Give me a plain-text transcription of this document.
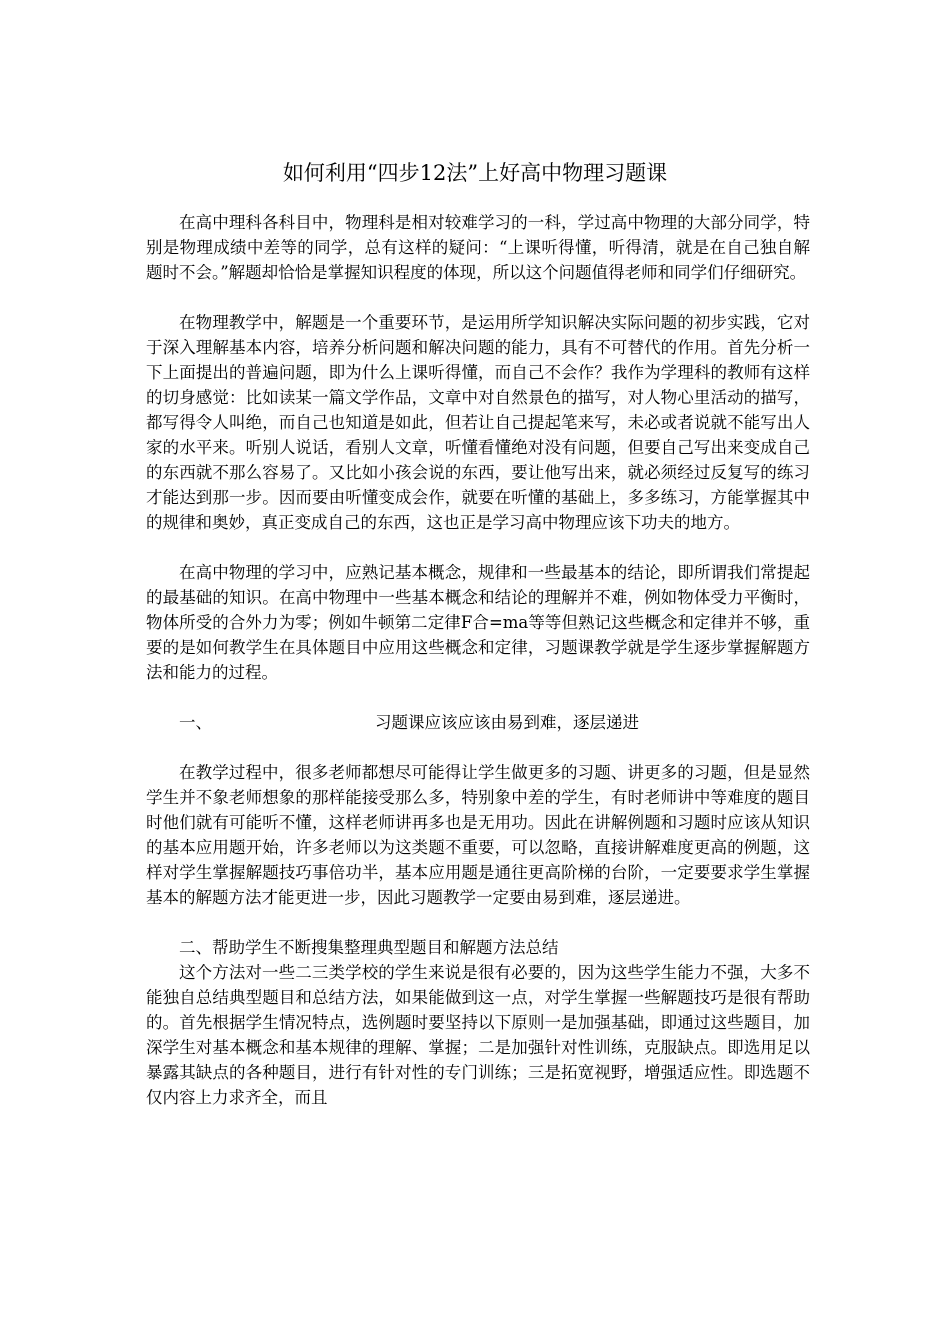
如何利用“四步12法”上好高中物理习题课

在高中理科各科目中，物理科是相对较难学习的一科，学过高中物理的大部分同学，特别是物理成绩中差等的同学，总有这样的疑问：“上课听得懂，听得清，就是在自己独自解题时不会。”解题却恰恰是掌握知识程度的体现，所以这个问题值得老师和同学们仔细研究。

在物理教学中，解题是一个重要环节，是运用所学知识解决实际问题的初步实践，它对于深入理解基本内容，培养分析问题和解决问题的能力，具有不可替代的作用。首先分析一下上面提出的普遍问题，即为什么上课听得懂，而自己不会作？我作为学理科的教师有这样的切身感觉：比如读某一篇文学作品，文章中对自然景色的描写，对人物心里活动的描写，都写得令人叫绝，而自己也知道是如此，但若让自己提起笔来写，未必或者说就不能写出人家的水平来。听别人说话，看别人文章，听懂看懂绝对没有问题，但要自己写出来变成自己的东西就不那么容易了。又比如小孩会说的东西，要让他写出来，就必须经过反复写的练习才能达到那一步。因而要由听懂变成会作，就要在听懂的基础上，多多练习，方能掌握其中的规律和奥妙，真正变成自己的东西，这也正是学习高中物理应该下功夫的地方。

在高中物理的学习中，应熟记基本概念，规律和一些最基本的结论，即所谓我们常提起的最基础的知识。在高中物理中一些基本概念和结论的理解并不难，例如物体受力平衡时，物体所受的合外力为零；例如牛顿第二定律F合=ma等等但熟记这些概念和定律并不够，重要的是如何教学生在具体题目中应用这些概念和定律，习题课教学就是学生逐步掌握解题方法和能力的过程。

一、	习题课应该应该由易到难，逐层递进

在教学过程中，很多老师都想尽可能得让学生做更多的习题、讲更多的习题，但是显然学生并不象老师想象的那样能接受那么多，特别象中差的学生，有时老师讲中等难度的题目时他们就有可能听不懂，这样老师讲再多也是无用功。因此在讲解例题和习题时应该从知识的基本应用题开始，许多老师以为这类题不重要，可以忽略，直接讲解难度更高的例题，这样对学生掌握解题技巧事倍功半，基本应用题是通往更高阶梯的台阶，一定要要求学生掌握基本的解题方法才能更进一步，因此习题教学一定要由易到难，逐层递进。

二、帮助学生不断搜集整理典型题目和解题方法总结

这个方法对一些二三类学校的学生来说是很有必要的，因为这些学生能力不强，大多不能独自总结典型题目和总结方法，如果能做到这一点，对学生掌握一些解题技巧是很有帮助的。首先根据学生情况特点，选例题时要坚持以下原则一是加强基础，即通过这些题目，加深学生对基本概念和基本规律的理解、掌握；二是加强针对性训练，克服缺点。即选用足以暴露其缺点的各种题目，进行有针对性的专门训练；三是拓宽视野，增强适应性。即选题不仅内容上力求齐全，而且
